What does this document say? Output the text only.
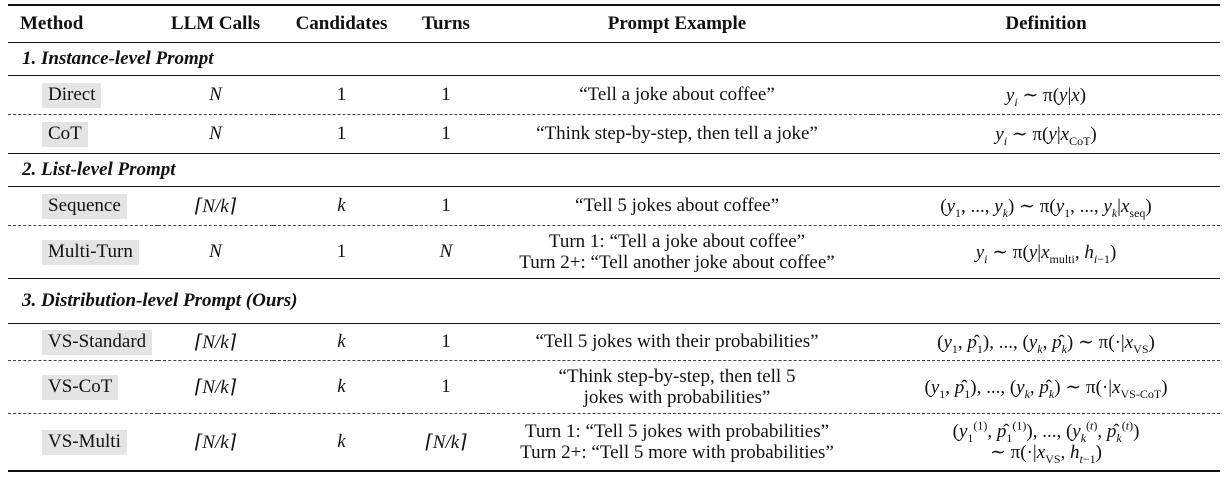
Method	LLM Calls	Candidates	Turns	Prompt Example	Definition
1. Instance-level Prompt					
Direct	N	1	1	“Tell a joke about coffee”	$y_i$ ∼ π(y|x)
CoT	N	1	1	“Think step-by-step, then tell a joke”	$y_i$ ∼ $\pi(y|x_{CoT})$
2. List-level Prompt					
Sequence	⌈N/k⌉	k	1	“Tell 5 jokes about coffee”	($y_1$, ..., $y_k$) ∼ $\pi(y_1$, ..., $y_k|x_{seq}$)
Multi-Turn	N	1	N	Turn 1: “Tell a joke about coffee”
Turn 2+: “Tell another joke about coffee”	$y_i$ ∼ $\pi(y|x_{multi}$, $h_{i-1}$)
3. Distribution-level Prompt (Ours)					
VS-Standard	⌈N/k⌉	k	1	“Tell 5 jokes with their probabilities”	($y_1$, $p_1$), ..., ($y_k$, $p_k$) ∼ $\pi(\cdot|x_{VS})$
VS-CoT	⌈N/k⌉	k	1	“Think step-by-step, then tell 5
jokes with probabilities”	($y_1$, $p_1$), ..., ($y_k$, $p_k$) ∼ $\pi(\cdot|x_{VS-CoT})$
VS-Multi	⌈N/k⌉	k	⌈N/k⌉	Turn 1: “Tell 5 jokes with probabilities”
Turn 2+: “Tell 5 more with probabilities”	($y_1^{(1)}$, $p_1^{(1)}$), ..., ($y_k^{(t)}$, $p_k^{(t)}$)
∼ $\pi(\cdot|x_{VS}$, $h_{t-1}$)
